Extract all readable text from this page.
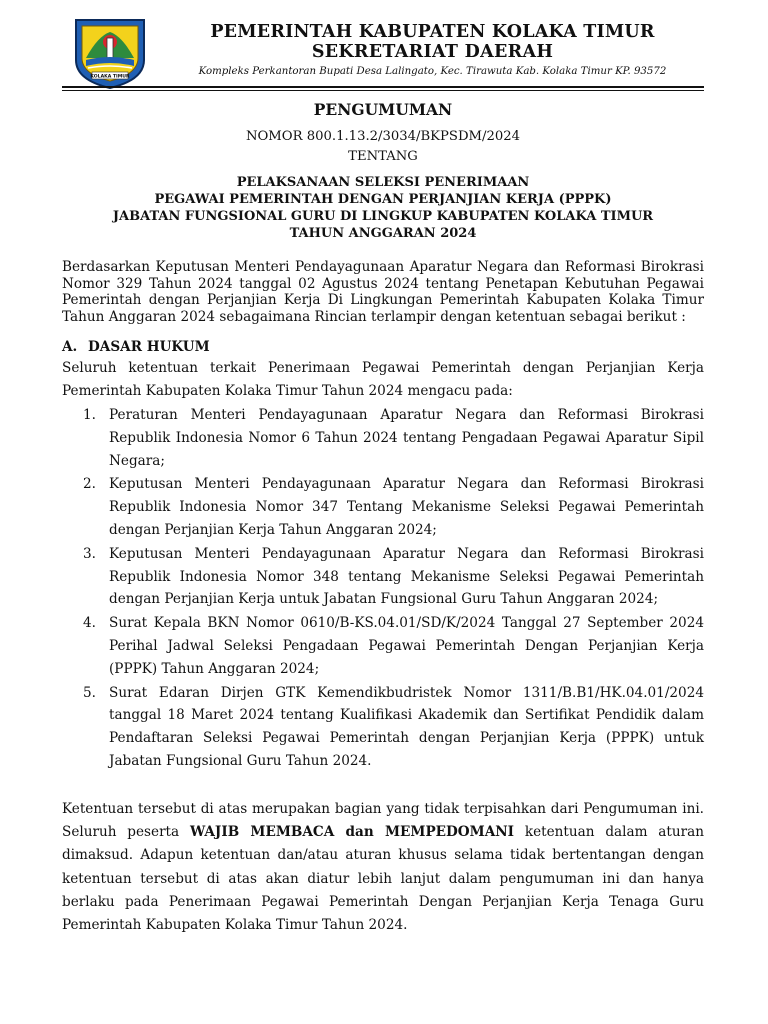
KOLAKA TIMUR
PEMERINTAH KABUPATEN KOLAKA TIMUR
SEKRETARIAT DAERAH
Kompleks Perkantoran Bupati Desa Lalingato, Kec. Tirawuta Kab. Kolaka Timur KP. 93572
PENGUMUMAN
NOMOR 800.1.13.2/3034/BKPSDM/2024
TENTANG
PELAKSANAAN SELEKSI PENERIMAAN
PEGAWAI PEMERINTAH DENGAN PERJANJIAN KERJA (PPPK)
JABATAN FUNGSIONAL GURU DI LINGKUP KABUPATEN KOLAKA TIMUR
TAHUN ANGGARAN 2024
Berdasarkan Keputusan Menteri Pendayagunaan Aparatur Negara dan Reformasi Birokrasi Nomor 329 Tahun 2024 tanggal 02 Agustus 2024 tentang Penetapan Kebutuhan Pegawai Pemerintah dengan Perjanjian Kerja Di Lingkungan Pemerintah Kabupaten Kolaka Timur Tahun Anggaran 2024 sebagaimana Rincian terlampir dengan ketentuan sebagai berikut :
A. DASAR HUKUM
Seluruh ketentuan terkait Penerimaan Pegawai Pemerintah dengan Perjanjian Kerja Pemerintah Kabupaten Kolaka Timur Tahun 2024 mengacu pada:
1. Peraturan Menteri Pendayagunaan Aparatur Negara dan Reformasi Birokrasi Republik Indonesia Nomor 6 Tahun 2024 tentang Pengadaan Pegawai Aparatur Sipil Negara;
2. Keputusan Menteri Pendayagunaan Aparatur Negara dan Reformasi Birokrasi Republik Indonesia Nomor 347 Tentang Mekanisme Seleksi Pegawai Pemerintah dengan Perjanjian Kerja Tahun Anggaran 2024;
3. Keputusan Menteri Pendayagunaan Aparatur Negara dan Reformasi Birokrasi Republik Indonesia Nomor 348 tentang Mekanisme Seleksi Pegawai Pemerintah dengan Perjanjian Kerja untuk Jabatan Fungsional Guru Tahun Anggaran 2024;
4. Surat Kepala BKN Nomor 0610/B-KS.04.01/SD/K/2024 Tanggal 27 September 2024 Perihal Jadwal Seleksi Pengadaan Pegawai Pemerintah Dengan Perjanjian Kerja (PPPK) Tahun Anggaran 2024;
5. Surat Edaran Dirjen GTK Kemendikbudristek Nomor 1311/B.B1/HK.04.01/2024 tanggal 18 Maret 2024 tentang Kualifikasi Akademik dan Sertifikat Pendidik dalam Pendaftaran Seleksi Pegawai Pemerintah dengan Perjanjian Kerja (PPPK) untuk Jabatan Fungsional Guru Tahun 2024.
Ketentuan tersebut di atas merupakan bagian yang tidak terpisahkan dari Pengumuman ini. Seluruh peserta WAJIB MEMBACA dan MEMPEDOMANI ketentuan dalam aturan dimaksud. Adapun ketentuan dan/atau aturan khusus selama tidak bertentangan dengan ketentuan tersebut di atas akan diatur lebih lanjut dalam pengumuman ini dan hanya berlaku pada Penerimaan Pegawai Pemerintah Dengan Perjanjian Kerja Tenaga Guru Pemerintah Kabupaten Kolaka Timur Tahun 2024.
